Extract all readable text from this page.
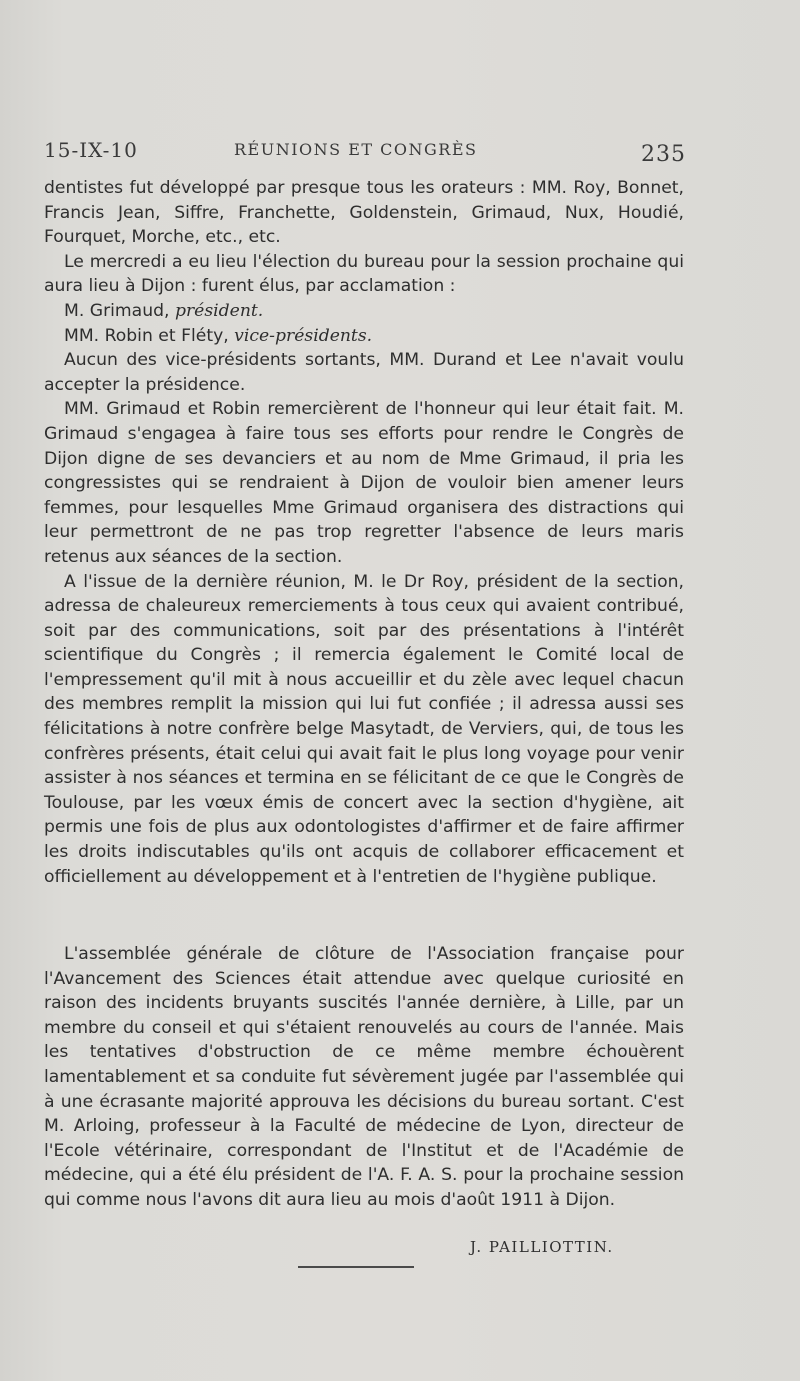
15-IX-10	RÉUNIONS ET CONGRÈS	235

dentistes fut développé par presque tous les orateurs : MM. Roy, Bonnet, Francis Jean, Siffre, Franchette, Goldenstein, Grimaud, Nux, Houdié, Fourquet, Morche, etc., etc.

Le mercredi a eu lieu l'élection du bureau pour la session prochaine qui aura lieu à Dijon : furent élus, par acclamation :

M. Grimaud, président.

MM. Robin et Fléty, vice-présidents.

Aucun des vice-présidents sortants, MM. Durand et Lee n'avait voulu accepter la présidence.

MM. Grimaud et Robin remercièrent de l'honneur qui leur était fait. M. Grimaud s'engagea à faire tous ses efforts pour rendre le Congrès de Dijon digne de ses devanciers et au nom de Mme Grimaud, il pria les congressistes qui se rendraient à Dijon de vouloir bien amener leurs femmes, pour lesquelles Mme Grimaud organisera des distractions qui leur permettront de ne pas trop regretter l'absence de leurs maris retenus aux séances de la section.

A l'issue de la dernière réunion, M. le Dr Roy, président de la section, adressa de chaleureux remerciements à tous ceux qui avaient contribué, soit par des communications, soit par des présentations à l'intérêt scientifique du Congrès ; il remercia également le Comité local de l'empressement qu'il mit à nous accueillir et du zèle avec lequel chacun des membres remplit la mission qui lui fut confiée ; il adressa aussi ses félicitations à notre confrère belge Masytadt, de Verviers, qui, de tous les confrères présents, était celui qui avait fait le plus long voyage pour venir assister à nos séances et termina en se félicitant de ce que le Congrès de Toulouse, par les vœux émis de concert avec la section d'hygiène, ait permis une fois de plus aux odontologistes d'affirmer et de faire affirmer les droits indiscutables qu'ils ont acquis de collaborer efficacement et officiellement au développement et à l'entretien de l'hygiène publique.

L'assemblée générale de clôture de l'Association française pour l'Avancement des Sciences était attendue avec quelque curiosité en raison des incidents bruyants suscités l'année dernière, à Lille, par un membre du conseil et qui s'étaient renouvelés au cours de l'année. Mais les tentatives d'obstruction de ce même membre échouèrent lamentablement et sa conduite fut sévèrement jugée par l'assemblée qui à une écrasante majorité approuva les décisions du bureau sortant. C'est M. Arloing, professeur à la Faculté de médecine de Lyon, directeur de l'Ecole vétérinaire, correspondant de l'Institut et de l'Académie de médecine, qui a été élu président de l'A. F. A. S. pour la prochaine session qui comme nous l'avons dit aura lieu au mois d'août 1911 à Dijon.

J. PAILLIOTTIN.
